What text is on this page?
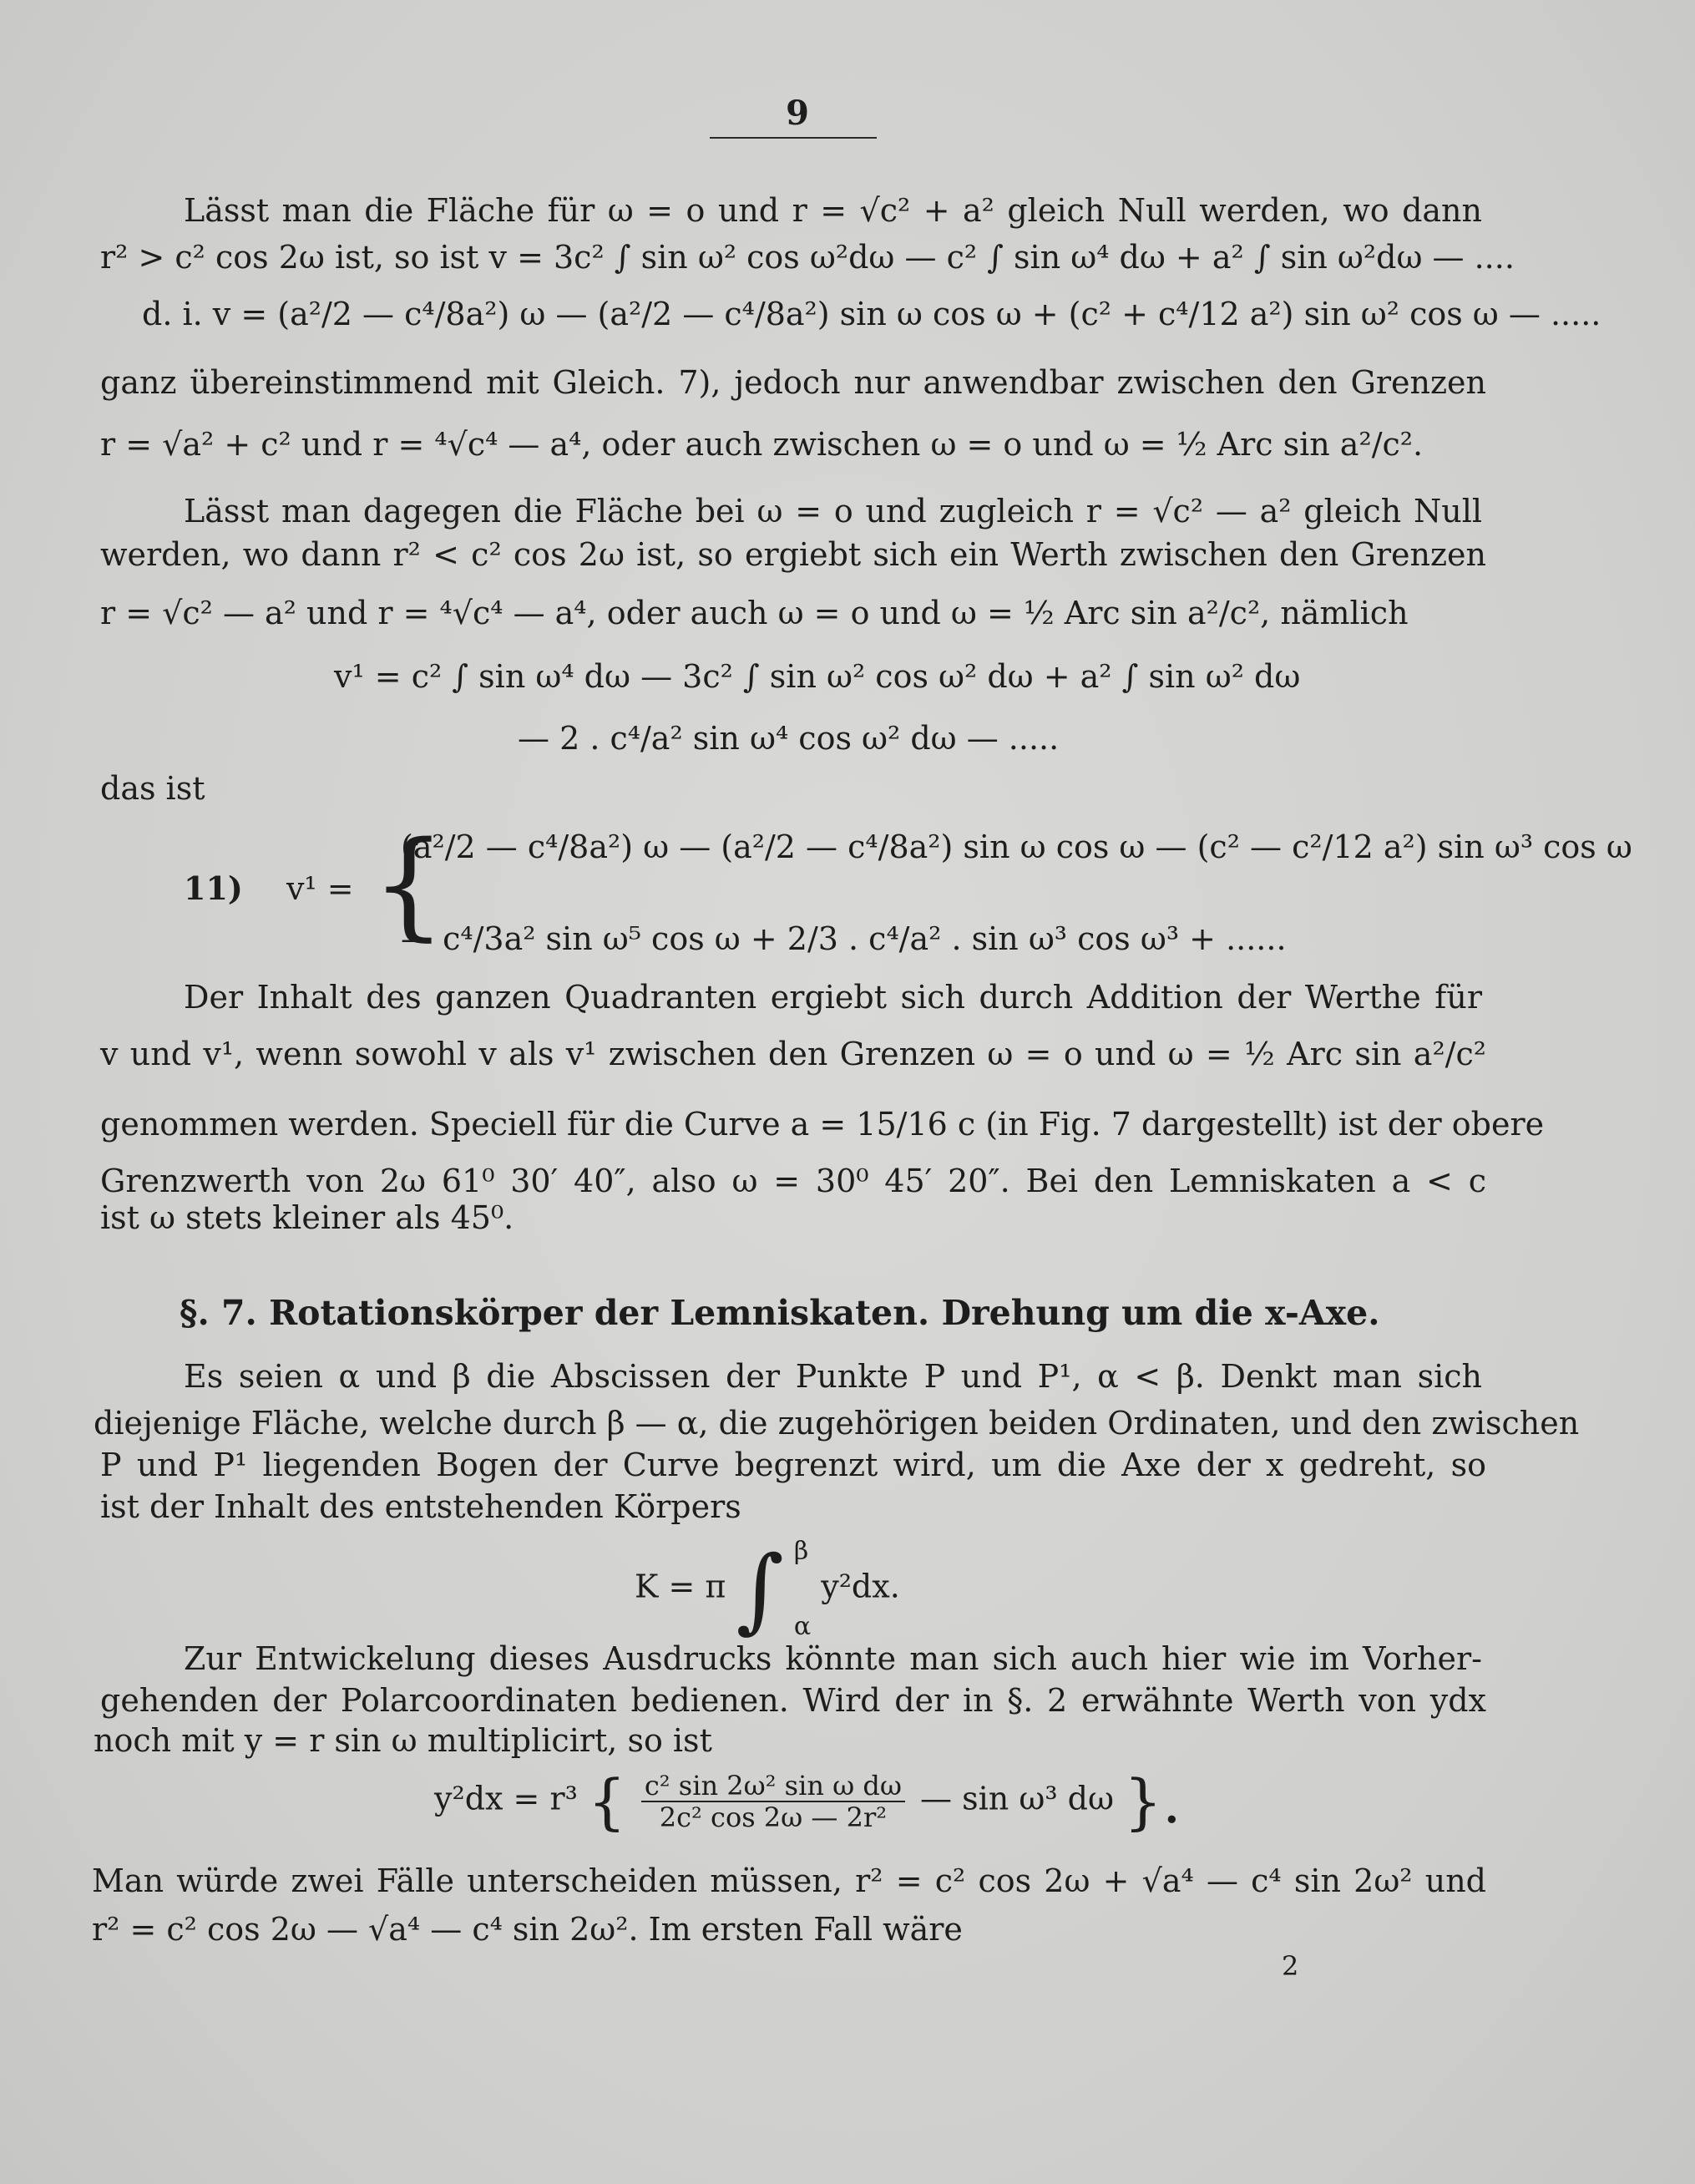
9
Lässt man die Fläche für ω = o und r = √c² + a² gleich Null werden, wo dann
r² > c² cos 2ω ist, so ist v = 3c² ∫ sin ω² cos ω²dω — c² ∫ sin ω⁴ dω + a² ∫ sin ω²dω — ....
d. i. v = (a²/2 — c⁴/8a²) ω — (a²/2 — c⁴/8a²) sin ω cos ω + (c² + c⁴/12 a²) sin ω² cos ω — .....
ganz übereinstimmend mit Gleich. 7), jedoch nur anwendbar zwischen den Grenzen
r = √a² + c² und r = ⁴√c⁴ — a⁴, oder auch zwischen ω = o und ω = ½ Arc sin a²/c².
Lässt man dagegen die Fläche bei ω = o und zugleich r = √c² — a² gleich Null
werden, wo dann r² < c² cos 2ω ist, so ergiebt sich ein Werth zwischen den Grenzen
r = √c² — a² und r = ⁴√c⁴ — a⁴, oder auch ω = o und ω = ½ Arc sin a²/c², nämlich
v¹ = c² ∫ sin ω⁴ dω — 3c² ∫ sin ω² cos ω² dω + a² ∫ sin ω² dω
— 2 . c⁴/a² sin ω⁴ cos ω² dω — .....
das ist
11) v¹ = {
(a²/2 — c⁴/8a²) ω — (a²/2 — c⁴/8a²) sin ω cos ω — (c² — c²/12 a²) sin ω³ cos ω
— c⁴/3a² sin ω⁵ cos ω + 2/3 . c⁴/a² . sin ω³ cos ω³ + ......
Der Inhalt des ganzen Quadranten ergiebt sich durch Addition der Werthe für
v und v¹, wenn sowohl v als v¹ zwischen den Grenzen ω = o und ω = ½ Arc sin a²/c²
genommen werden. Speciell für die Curve a = 15/16 c (in Fig. 7 dargestellt) ist der obere
Grenzwerth von 2ω 61⁰ 30′ 40″, also ω = 30⁰ 45′ 20″. Bei den Lemniskaten a < c
ist ω stets kleiner als 45⁰.
§. 7. Rotationskörper der Lemniskaten. Drehung um die x-Axe.
Es seien α und β die Abscissen der Punkte P und P¹, α < β. Denkt man sich
diejenige Fläche, welche durch β — α, die zugehörigen beiden Ordinaten, und den zwischen
P und P¹ liegenden Bogen der Curve begrenzt wird, um die Axe der x gedreht, so
ist der Inhalt des entstehenden Körpers
K = π ∫ β
α
y²dx.
Zur Entwickelung dieses Ausdrucks könnte man sich auch hier wie im Vorher-
gehenden der Polarcoordinaten bedienen. Wird der in §. 2 erwähnte Werth von ydx
noch mit y = r sin ω multiplicirt, so ist
y²dx = r³ { $\frac{\text{c² sin 2ω² sin ω dω}}{\text{2c² cos 2ω — 2r²}}$ — sin ω³ dω }.
Man würde zwei Fälle unterscheiden müssen, r² = c² cos 2ω + √a⁴ — c⁴ sin 2ω² und
r² = c² cos 2ω — √a⁴ — c⁴ sin 2ω². Im ersten Fall wäre
2
